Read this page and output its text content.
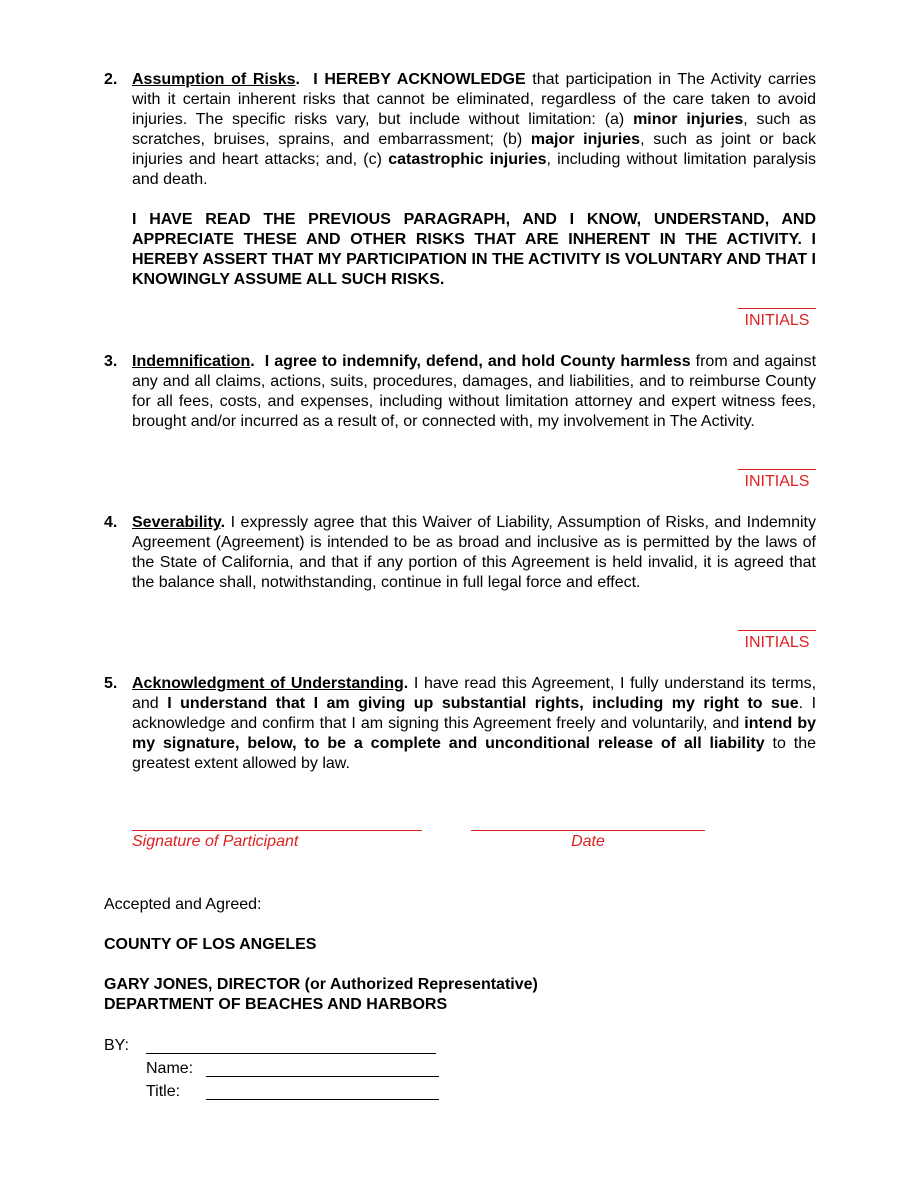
2. Assumption of Risks. I HEREBY ACKNOWLEDGE that participation in The Activity carries with it certain inherent risks that cannot be eliminated, regardless of the care taken to avoid injuries. The specific risks vary, but include without limitation: (a) minor injuries, such as scratches, bruises, sprains, and embarrassment; (b) major injuries, such as joint or back injuries and heart attacks; and, (c) catastrophic injuries, including without limitation paralysis and death.
I HAVE READ THE PREVIOUS PARAGRAPH, AND I KNOW, UNDERSTAND, AND APPRECIATE THESE AND OTHER RISKS THAT ARE INHERENT IN THE ACTIVITY. I HEREBY ASSERT THAT MY PARTICIPATION IN THE ACTIVITY IS VOLUNTARY AND THAT I KNOWINGLY ASSUME ALL SUCH RISKS.
INITIALS
3. Indemnification. I agree to indemnify, defend, and hold County harmless from and against any and all claims, actions, suits, procedures, damages, and liabilities, and to reimburse County for all fees, costs, and expenses, including without limitation attorney and expert witness fees, brought and/or incurred as a result of, or connected with, my involvement in The Activity.
INITIALS
4. Severability. I expressly agree that this Waiver of Liability, Assumption of Risks, and Indemnity Agreement (Agreement) is intended to be as broad and inclusive as is permitted by the laws of the State of California, and that if any portion of this Agreement is held invalid, it is agreed that the balance shall, notwithstanding, continue in full legal force and effect.
INITIALS
5. Acknowledgment of Understanding. I have read this Agreement, I fully understand its terms, and I understand that I am giving up substantial rights, including my right to sue. I acknowledge and confirm that I am signing this Agreement freely and voluntarily, and intend by my signature, below, to be a complete and unconditional release of all liability to the greatest extent allowed by law.
Signature of Participant	Date
Accepted and Agreed:
COUNTY OF LOS ANGELES
GARY JONES, DIRECTOR (or Authorized Representative)
DEPARTMENT OF BEACHES AND HARBORS
BY:
Name:
Title:
